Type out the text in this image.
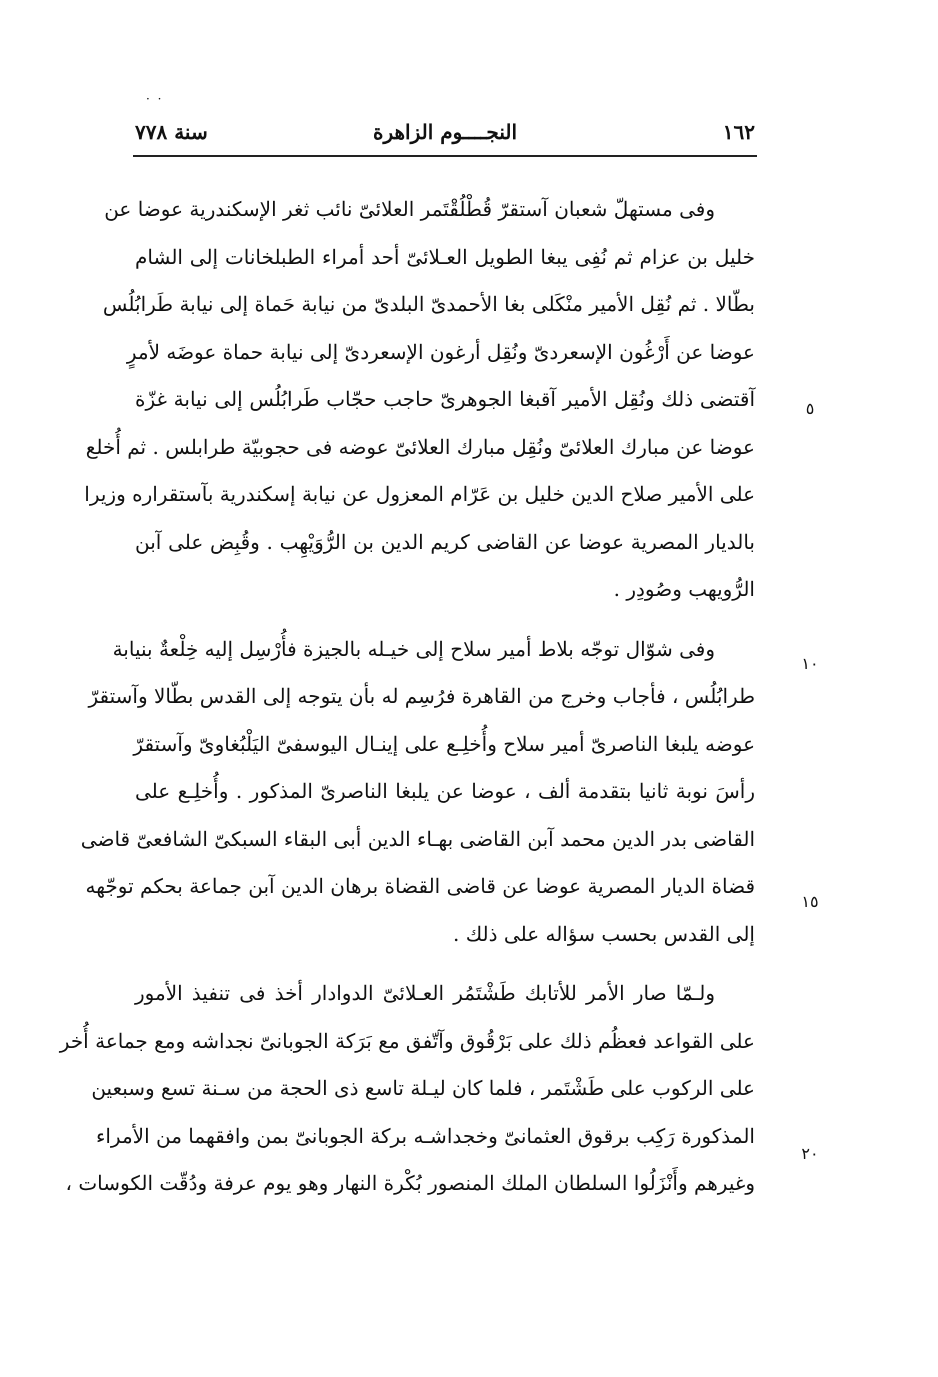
· ·
١٦٢
النجــــوم الزاهرة
سنة ٧٧٨
٥
١٠
١٥
٢٠
وفى مستهلّ شعبان آستقرّ قُطْلُقْتَمر العلائىّ نائب ثغر الإسكندرية عوضا عن
خليل بن عزام ثم نُفِى يبغا الطويل العـلائىّ أحد أمراء الطبلخانات إلى الشام
بطّالا . ثم نُقِل الأمير منْكَلى بغا الأحمدىّ البلدىّ من نيابة حَماة إلى نيابة طَرابُلُس
عوضا عن أَرْغُون الإسعردىّ ونُقِل أرغون الإسعردىّ إلى نيابة حماة عوضَه لأمرٍ
آقتضى ذلك ونُقِل الأمير آقبغا الجوهرىّ حاجب حجّاب طَرابُلُس إلى نيابة غزّة
عوضا عن مبارك العلائىّ ونُقِل مبارك العلائىّ عوضه فى حجوبيّة طرابلس . ثم أُخلع
على الأمير صلاح الدين خليل بن عَرّام المعزول عن نيابة إسكندرية بآستقراره وزيرا
بالديار المصرية عوضا عن القاضى كريم الدين بن الرُّوَيْهِب . وقُبِض على آبن
الرُّويهب وصُودِر .
وفى شوّال توجّه بلاط أمير سلاح إلى خيـله بالجيزة فأُرْسِل إليه خِلْعةٌ بنيابة
طرابُلُس ، فأجاب وخرج من القاهرة فرُسِم له بأن يتوجه إلى القدس بطّالا وآستقرّ
عوضه يلبغا الناصرىّ أمير سلاح وأُخلِـع على إينـال اليوسفىّ اليَلْبُغاوىّ وآستقرّ
رأسَ نوبة ثانيا بتقدمة ألف ، عوضا عن يلبغا الناصرىّ المذكور . وأُخلِـع على
القاضى بدر الدين محمد آبن القاضى بهـاء الدين أبى البقاء السبكىّ الشافعىّ قاضى
قضاة الديار المصرية عوضا عن قاضى القضاة برهان الدين آبن جماعة بحكم توجّهه
إلى القدس بحسب سؤاله على ذلك .
ولـمّا صار الأمر للأتابك طَشْتَمُر العـلائىّ الدوادار أخذ فى تنفيذ الأمور
على القواعد فعظُم ذلك على بَرْقُوق وآتّفق مع بَرَكة الجوبانىّ نجداشه ومع جماعة أُخر
على الركوب على طَشْتَمر ، فلما كان ليـلة تاسع ذى الحجة من سـنة تسع وسبعين
المذكورة رَكِب برقوق العثمانىّ وخجداشـه بركة الجوبانىّ بمن وافقهما من الأمراء
وغيرهم وأَنْزَلُوا السلطان الملك المنصور بُكْرة النهار وهو يوم عرفة ودُقّت الكوسات ،
